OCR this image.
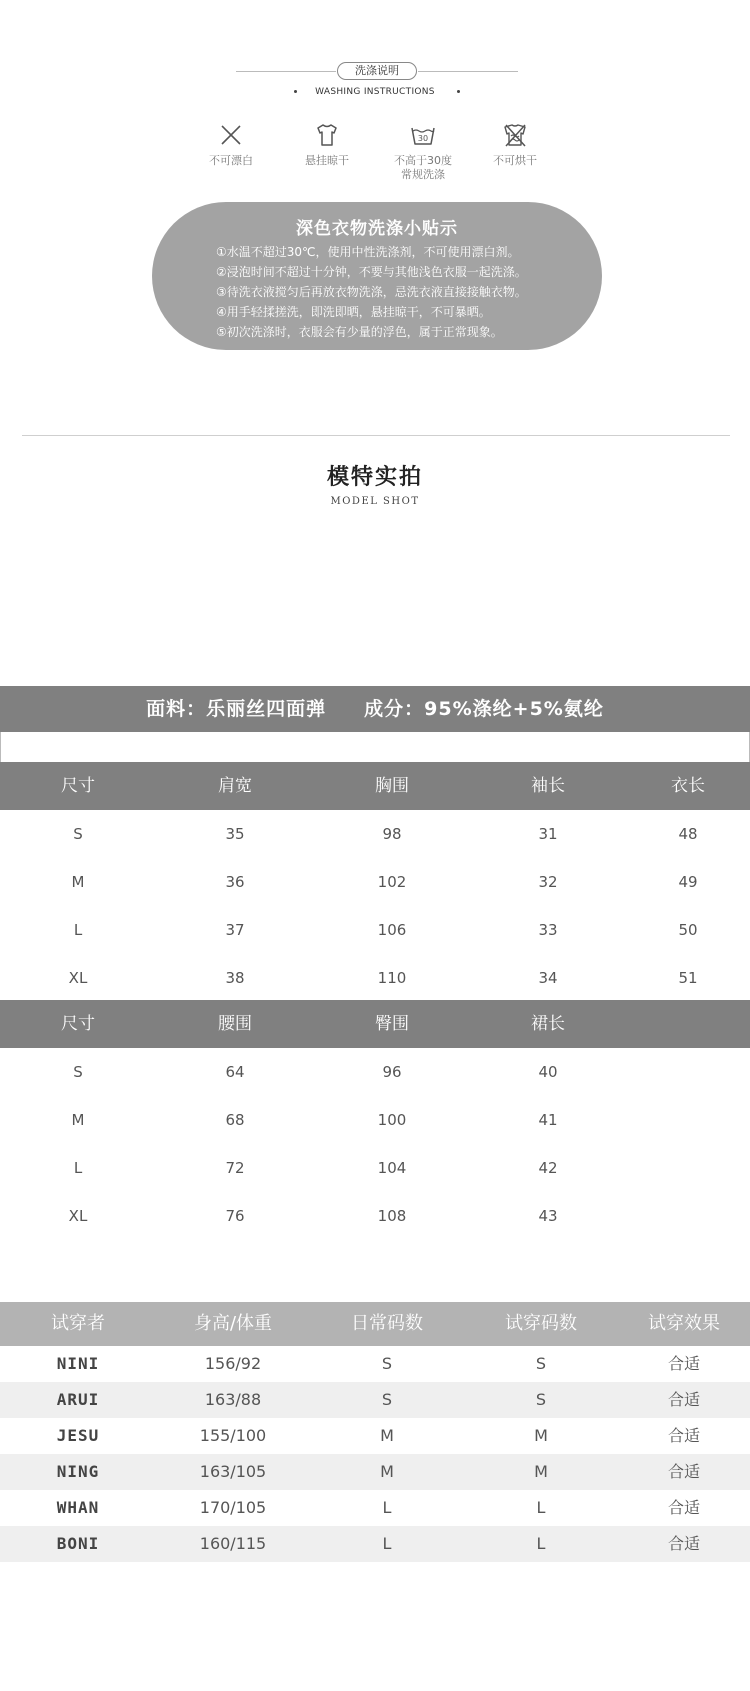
洗涤说明
WASHING INSTRUCTIONS
不可漂白	悬挂晾干
30
不高于30度
常规洗涤
不可烘干
深色衣物洗涤小贴示
①水温不超过30℃，使用中性洗涤剂，不可使用漂白剂。
②浸泡时间不超过十分钟，不要与其他浅色衣服一起洗涤。
③待洗衣液搅匀后再放衣物洗涤，忌洗衣液直接接触衣物。
④用手轻揉搓洗，即洗即晒，悬挂晾干，不可暴晒。
⑤初次洗涤时，衣服会有少量的浮色，属于正常现象。
模特实拍
MODEL SHOT
面料：乐丽丝四面弹 成分：95%涤纶+5%氨纶
尺寸	肩宽	胸围	袖长	衣长
S	35	98	31	48
M	36	102	32	49
L	37	106	33	50
XL	38	110	34	51
尺寸	腰围	臀围	裙长
S	64	96	40
M	68	100	41
L	72	104	42
XL	76	108	43
试穿者	身高/体重	日常码数	试穿码数	试穿效果
NINI	156/92	S	S	合适
ARUI	163/88	S	S	合适
JESU	155/100	M	M	合适
NING	163/105	M	M	合适
WHAN	170/105	L	L	合适
BONI	160/115	L	L	合适
